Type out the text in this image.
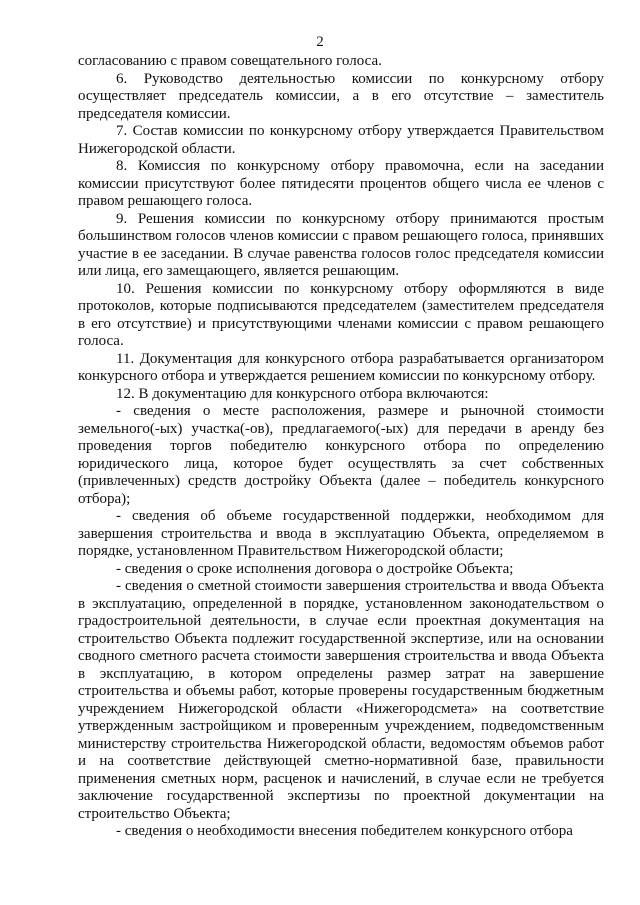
2

согласованию с правом совещательного голоса.

6. Руководство деятельностью комиссии по конкурсному отбору осуществляет председатель комиссии, а в его отсутствие – заместитель председателя комиссии.

7. Состав комиссии по конкурсному отбору утверждается Правительством Нижегородской области.

8. Комиссия по конкурсному отбору правомочна, если на заседании комиссии присутствуют более пятидесяти процентов общего числа ее членов с правом решающего голоса.

9. Решения комиссии по конкурсному отбору принимаются простым большинством голосов членов комиссии с правом решающего голоса, принявших участие в ее заседании. В случае равенства голосов голос председателя комиссии или лица, его замещающего, является решающим.

10. Решения комиссии по конкурсному отбору оформляются в виде протоколов, которые подписываются председателем (заместителем председателя в его отсутствие) и присутствующими членами комиссии с правом решающего голоса.

11. Документация для конкурсного отбора разрабатывается организатором конкурсного отбора и утверждается решением комиссии по конкурсному отбору.

12. В документацию для конкурсного отбора включаются:

- сведения о месте расположения, размере и рыночной стоимости земельного(-ых) участка(-ов), предлагаемого(-ых) для передачи в аренду без проведения торгов победителю конкурсного отбора по определению юридического лица, которое будет осуществлять за счет собственных (привлеченных) средств достройку Объекта (далее – победитель конкурсного отбора);

- сведения об объеме государственной поддержки, необходимом для завершения строительства и ввода в эксплуатацию Объекта, определяемом в порядке, установленном Правительством Нижегородской области;

- сведения о сроке исполнения договора о достройке Объекта;

- сведения о сметной стоимости завершения строительства и ввода Объекта в эксплуатацию, определенной в порядке, установленном законодательством о градостроительной деятельности, в случае если проектная документация на строительство Объекта подлежит государственной экспертизе, или на основании сводного сметного расчета стоимости завершения строительства и ввода Объекта в эксплуатацию, в котором определены размер затрат на завершение строительства и объемы работ, которые проверены государственным бюджетным учреждением Нижегородской области «Нижегородсмета» на соответствие утвержденным застройщиком и проверенным учреждением, подведомственным министерству строительства Нижегородской области, ведомостям объемов работ и на соответствие действующей сметно-нормативной базе, правильности применения сметных норм, расценок и начислений, в случае если не требуется заключение государственной экспертизы по проектной документации на строительство Объекта;

- сведения о необходимости внесения победителем конкурсного отбора
